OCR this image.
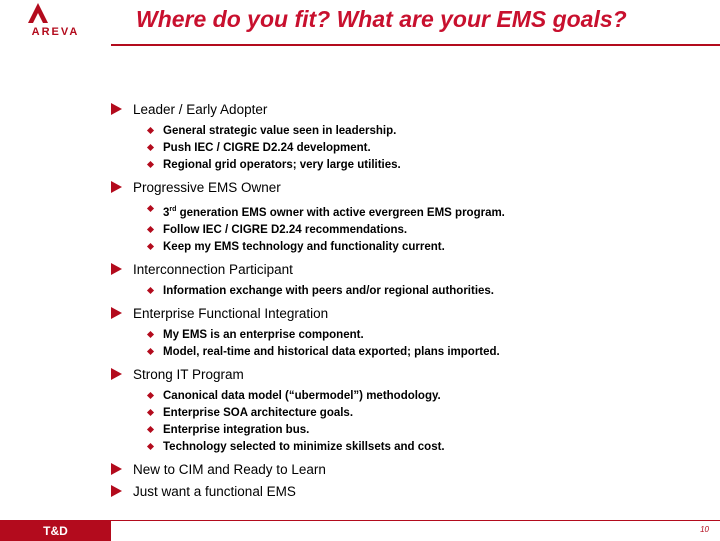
AREVA	Where do you fit? What are your EMS goals?
Leader / Early Adopter
General strategic value seen in leadership.
Push IEC / CIGRE D2.24 development.
Regional grid operators; very large utilities.
Progressive EMS Owner
3rd generation EMS owner with active evergreen EMS program.
Follow IEC / CIGRE D2.24 recommendations.
Keep my EMS technology and functionality current.
Interconnection Participant
Information exchange with peers and/or regional authorities.
Enterprise Functional Integration
My EMS is an enterprise component.
Model, real-time and historical data exported; plans imported.
Strong IT Program
Canonical data model (“ubermodel”) methodology.
Enterprise SOA architecture goals.
Enterprise integration bus.
Technology selected to minimize skillsets and cost.
New to CIM and Ready to Learn
Just want a functional EMS
T&D	10
